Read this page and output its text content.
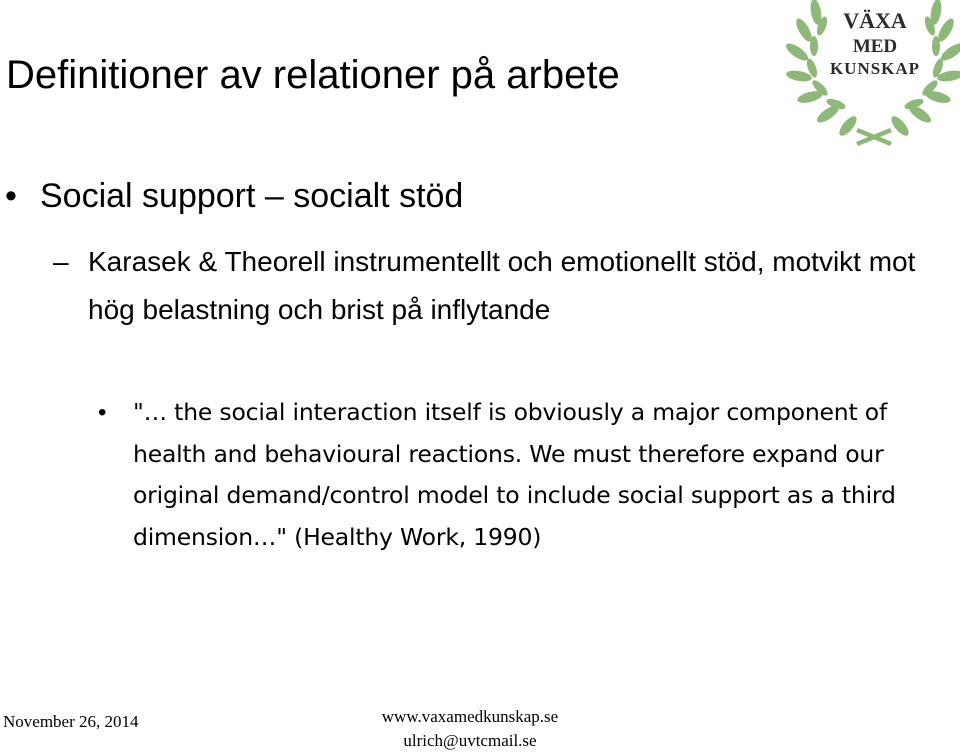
Definitioner av relationer på arbete
VÄXA
MED
KUNSKAP
• Social support – socialt stöd
– Karasek & Theorell instrumentellt och emotionellt stöd, motvikt mot hög belastning och brist på inflytande
• "… the social interaction itself is obviously a major component of health and behavioural reactions. We must therefore expand our original demand/control model to include social support as a third dimension…" (Healthy Work, 1990)
November 26, 2014	www.vaxamedkunskap.se
ulrich@uvtcmail.se
